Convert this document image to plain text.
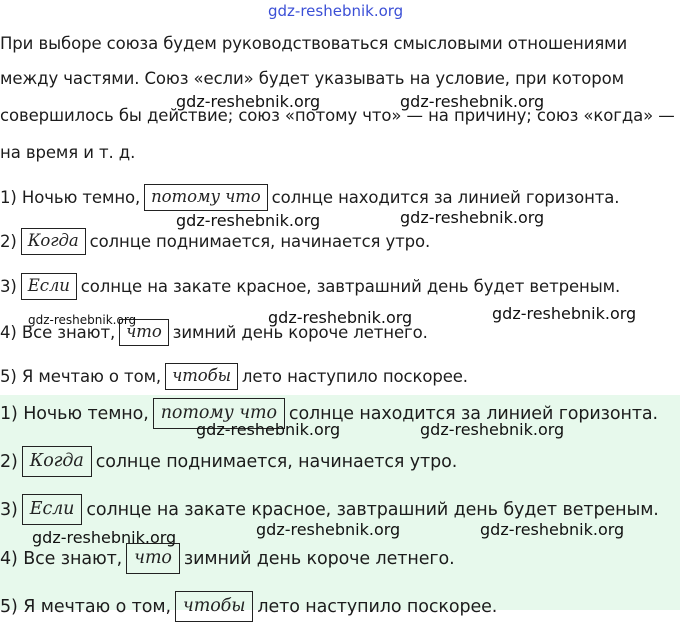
gdz-reshebnik.org
При выборе союза будем руководствоваться смысловыми отношениями
между частями. Союз «если» будет указывать на условие, при котором
совершилось бы действие; союз «потому что» — на причину; союз «когда» —
на время и т. д.
1)
Ночью темно, потому что солнце находится за линией горизонта.
2) Когда солнце поднимается, начинается утро.
3) Если солнце на закате красное, завтрашний день будет ветреным.
4)
Все знают, что зимний день короче летнего.
5)
Я мечтаю о том, чтобы лето наступило поскорее.
1)
Ночью темно, потому что солнце находится за линией горизонта.
2) Когда солнце поднимается, начинается утро.
3) Если солнце на закате красное, завтрашний день будет ветреным.
4)
Все знают, что зимний день короче летнего.
5)
Я мечтаю о том, чтобы лето наступило поскорее.
gdz-reshebnik.org	gdz-reshebnik.org
gdz-reshebnik.org	gdz-reshebnik.org
gdz-reshebnik.org	gdz-reshebnik.org
gdz-reshebnik.org
gdz-reshebnik.org	gdz-reshebnik.org
gdz-reshebnik.org	gdz-reshebnik.org	gdz-reshebnik.org
